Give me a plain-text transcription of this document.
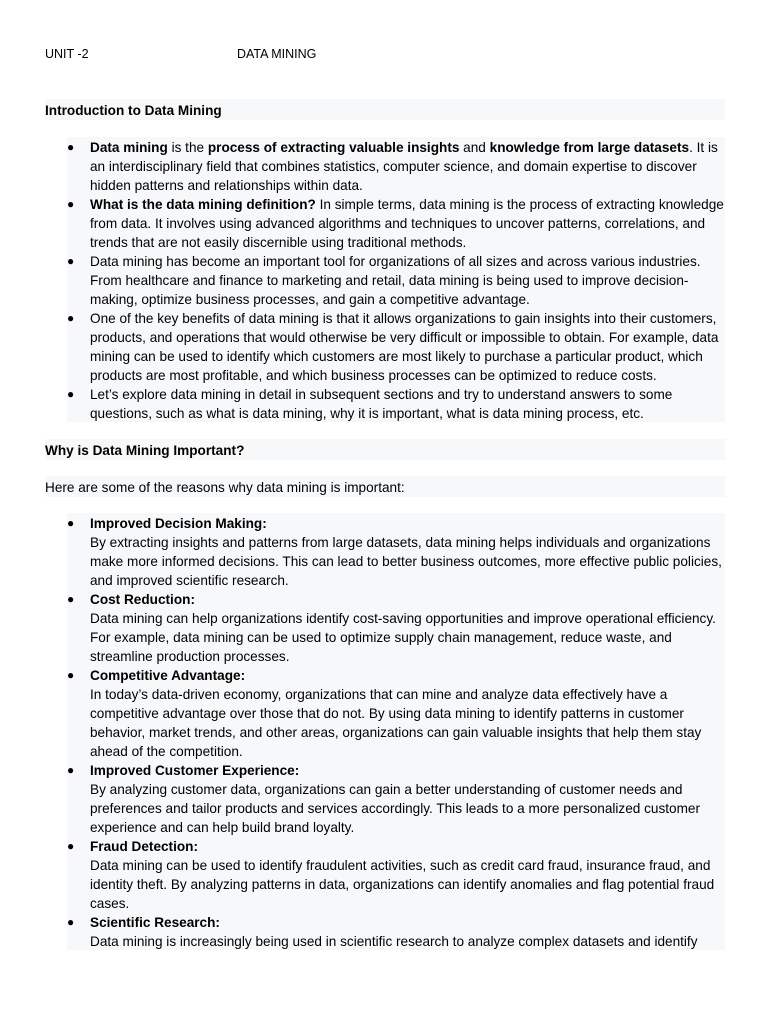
UNIT -2	DATA MINING
Introduction to Data Mining
● Data mining is the process of extracting valuable insights and knowledge from large datasets. It is an interdisciplinary field that combines statistics, computer science, and domain expertise to discover hidden patterns and relationships within data.
● What is the data mining definition? In simple terms, data mining is the process of extracting knowledge from data. It involves using advanced algorithms and techniques to uncover patterns, correlations, and trends that are not easily discernible using traditional methods.
● Data mining has become an important tool for organizations of all sizes and across various industries. From healthcare and finance to marketing and retail, data mining is being used to improve decision-making, optimize business processes, and gain a competitive advantage.
● One of the key benefits of data mining is that it allows organizations to gain insights into their customers, products, and operations that would otherwise be very difficult or impossible to obtain. For example, data mining can be used to identify which customers are most likely to purchase a particular product, which products are most profitable, and which business processes can be optimized to reduce costs.
● Let’s explore data mining in detail in subsequent sections and try to understand answers to some questions, such as what is data mining, why it is important, what is data mining process, etc.
Why is Data Mining Important?
Here are some of the reasons why data mining is important:
● Improved Decision Making:
By extracting insights and patterns from large datasets, data mining helps individuals and organizations make more informed decisions. This can lead to better business outcomes, more effective public policies, and improved scientific research.
● Cost Reduction:
Data mining can help organizations identify cost-saving opportunities and improve operational efficiency. For example, data mining can be used to optimize supply chain management, reduce waste, and streamline production processes.
● Competitive Advantage:
In today’s data-driven economy, organizations that can mine and analyze data effectively have a competitive advantage over those that do not. By using data mining to identify patterns in customer behavior, market trends, and other areas, organizations can gain valuable insights that help them stay ahead of the competition.
● Improved Customer Experience:
By analyzing customer data, organizations can gain a better understanding of customer needs and preferences and tailor products and services accordingly. This leads to a more personalized customer experience and can help build brand loyalty.
● Fraud Detection:
Data mining can be used to identify fraudulent activities, such as credit card fraud, insurance fraud, and identity theft. By analyzing patterns in data, organizations can identify anomalies and flag potential fraud cases.
● Scientific Research:
Data mining is increasingly being used in scientific research to analyze complex datasets and identify
